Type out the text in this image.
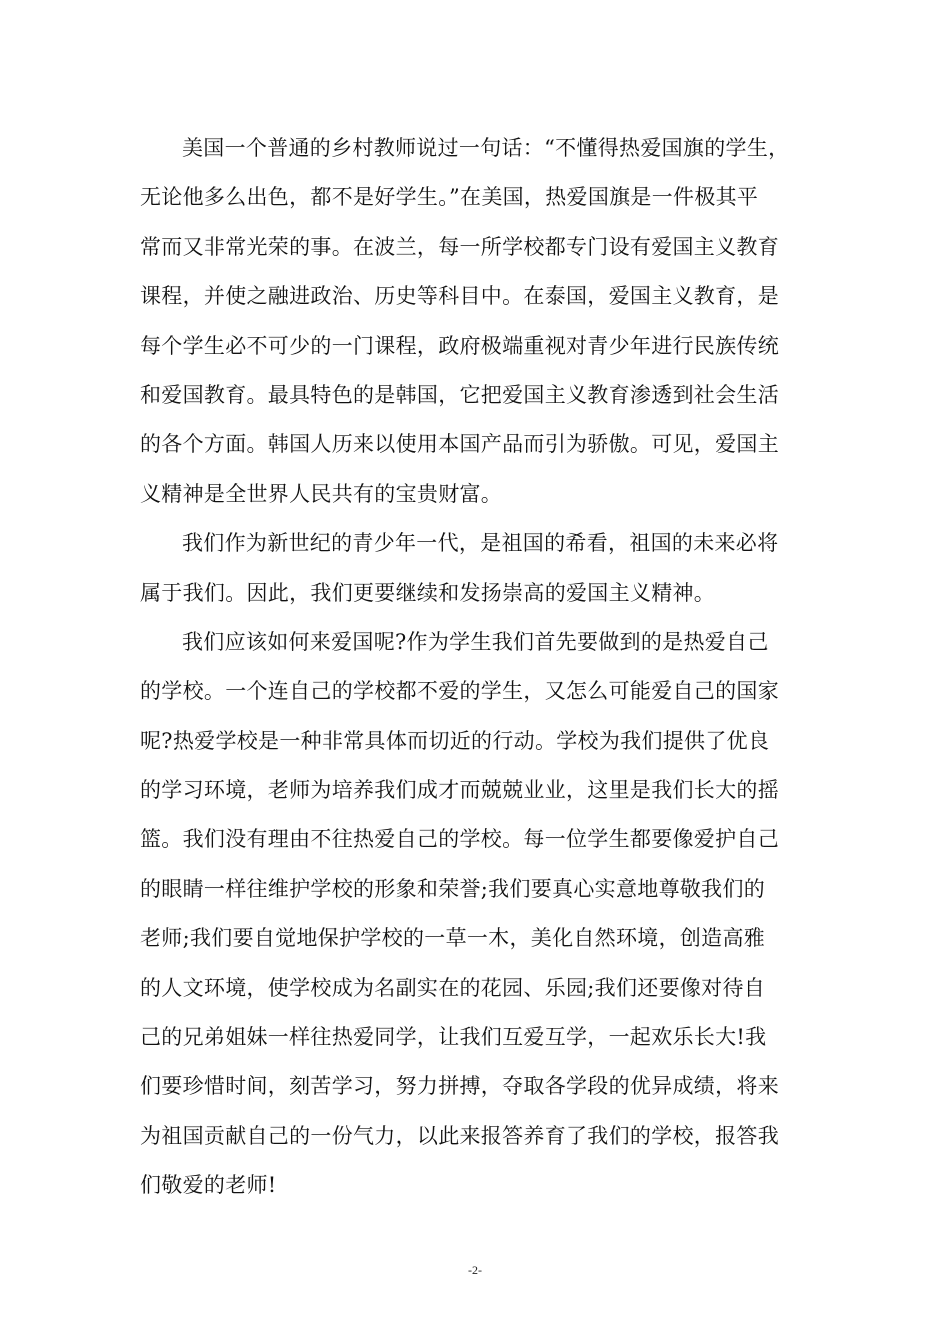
美国一个普通的乡村教师说过一句话：“不懂得热爱国旗的学生，
无论他多么出色，都不是好学生。”在美国，热爱国旗是一件极其平
常而又非常光荣的事。在波兰，每一所学校都专门设有爱国主义教育
课程，并使之融进政治、历史等科目中。在泰国，爱国主义教育，是
每个学生必不可少的一门课程，政府极端重视对青少年进行民族传统
和爱国教育。最具特色的是韩国，它把爱国主义教育渗透到社会生活
的各个方面。韩国人历来以使用本国产品而引为骄傲。可见，爱国主
义精神是全世界人民共有的宝贵财富。
我们作为新世纪的青少年一代，是祖国的希看，祖国的未来必将
属于我们。因此，我们更要继续和发扬崇高的爱国主义精神。
我们应该如何来爱国呢?作为学生我们首先要做到的是热爱自己
的学校。一个连自己的学校都不爱的学生，又怎么可能爱自己的国家
呢?热爱学校是一种非常具体而切近的行动。学校为我们提供了优良
的学习环境，老师为培养我们成才而兢兢业业，这里是我们长大的摇
篮。我们没有理由不往热爱自己的学校。每一位学生都要像爱护自己
的眼睛一样往维护学校的形象和荣誉;我们要真心实意地尊敬我们的
老师;我们要自觉地保护学校的一草一木，美化自然环境，创造高雅
的人文环境，使学校成为名副实在的花园、乐园;我们还要像对待自
己的兄弟姐妹一样往热爱同学，让我们互爱互学，一起欢乐长大!我
们要珍惜时间，刻苦学习，努力拼搏，夺取各学段的优异成绩，将来
为祖国贡献自己的一份气力，以此来报答养育了我们的学校，报答我
们敬爱的老师!
-2-
